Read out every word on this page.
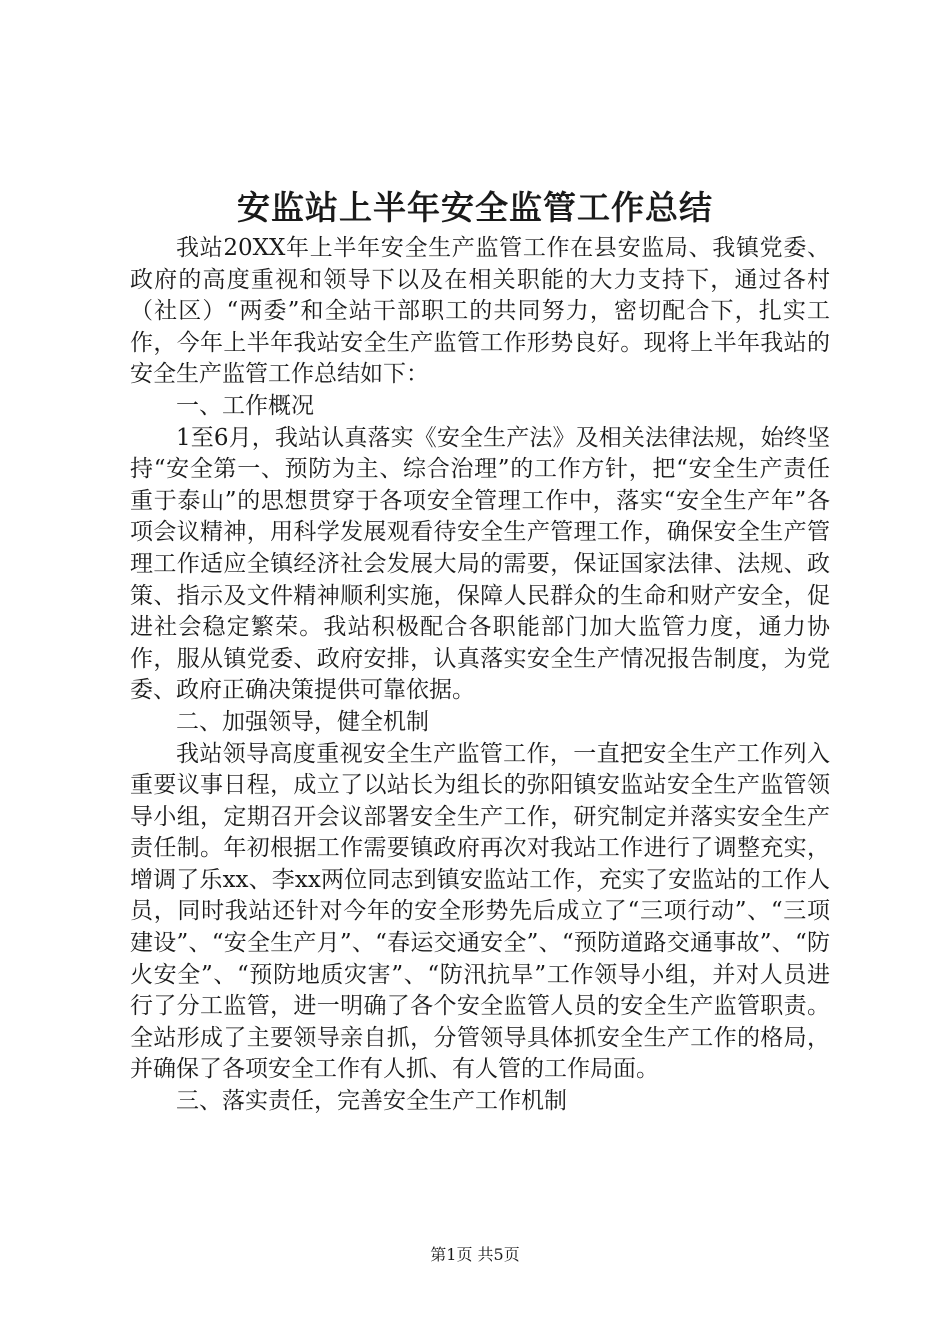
安监站上半年安全监管工作总结

我站20XX年上半年安全生产监管工作在县安监局、我镇党委、政府的高度重视和领导下以及在相关职能的大力支持下，通过各村（社区）“两委”和全站干部职工的共同努力，密切配合下，扎实工作，今年上半年我站安全生产监管工作形势良好。现将上半年我站的安全生产监管工作总结如下：

一、工作概况

1至6月，我站认真落实《安全生产法》及相关法律法规，始终坚持“安全第一、预防为主、综合治理”的工作方针，把“安全生产责任重于泰山”的思想贯穿于各项安全管理工作中，落实“安全生产年”各项会议精神，用科学发展观看待安全生产管理工作，确保安全生产管理工作适应全镇经济社会发展大局的需要，保证国家法律、法规、政策、指示及文件精神顺利实施，保障人民群众的生命和财产安全，促进社会稳定繁荣。我站积极配合各职能部门加大监管力度，通力协作，服从镇党委、政府安排，认真落实安全生产情况报告制度，为党委、政府正确决策提供可靠依据。

二、加强领导，健全机制

我站领导高度重视安全生产监管工作，一直把安全生产工作列入重要议事日程，成立了以站长为组长的弥阳镇安监站安全生产监管领导小组，定期召开会议部署安全生产工作，研究制定并落实安全生产责任制。年初根据工作需要镇政府再次对我站工作进行了调整充实，增调了乐xx、李xx两位同志到镇安监站工作，充实了安监站的工作人员，同时我站还针对今年的安全形势先后成立了“三项行动”、“三项建设”、“安全生产月”、“春运交通安全”、“预防道路交通事故”、“防火安全”、“预防地质灾害”、“防汛抗旱”工作领导小组，并对人员进行了分工监管，进一明确了各个安全监管人员的安全生产监管职责。全站形成了主要领导亲自抓，分管领导具体抓安全生产工作的格局，并确保了各项安全工作有人抓、有人管的工作局面。

三、落实责任，完善安全生产工作机制

第1页 共5页
